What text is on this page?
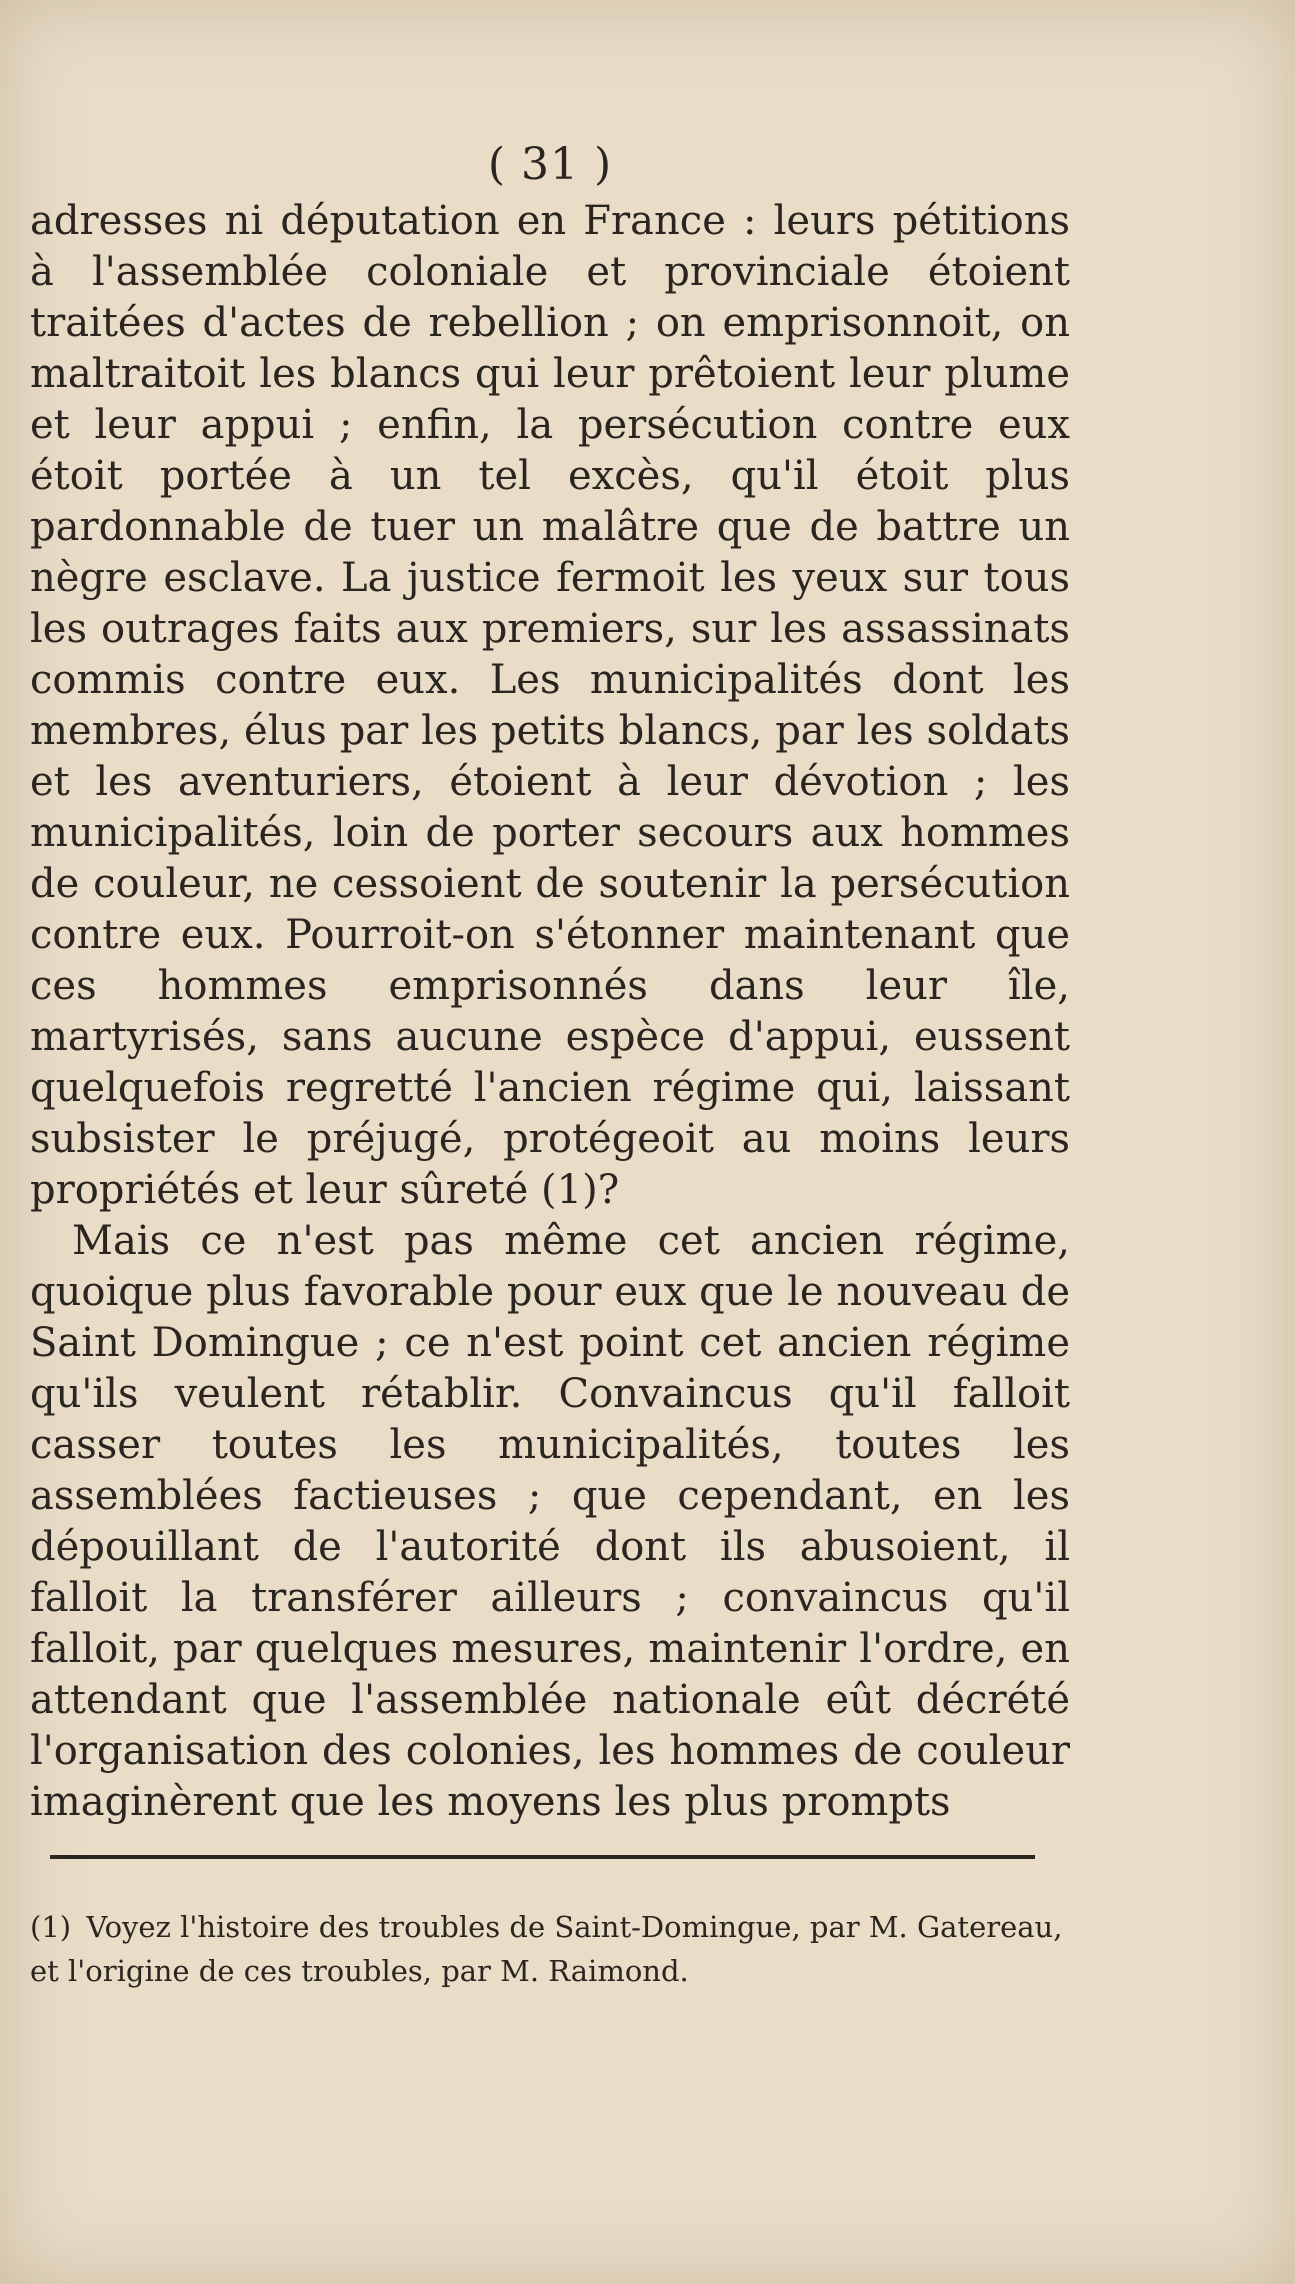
( 31 )

adresses ni députation en France : leurs pétitions à l'assemblée coloniale et provinciale étoient traitées d'actes de rebellion ; on emprisonnoit, on maltraitoit les blancs qui leur prêtoient leur plume et leur appui ; enfin, la persécution contre eux étoit portée à un tel excès, qu'il étoit plus pardonnable de tuer un malâtre que de battre un nègre esclave. La justice fermoit les yeux sur tous les outrages faits aux premiers, sur les assassinats commis contre eux. Les municipalités dont les membres, élus par les petits blancs, par les soldats et les aventuriers, étoient à leur dévotion ; les municipalités, loin de porter secours aux hommes de couleur, ne cessoient de soutenir la persécution contre eux. Pourroit-on s'étonner maintenant que ces hommes emprisonnés dans leur île, martyrisés, sans aucune espèce d'appui, eussent quelquefois regretté l'ancien régime qui, laissant subsister le préjugé, protégeoit au moins leurs propriétés et leur sûreté (1)?

Mais ce n'est pas même cet ancien régime, quoique plus favorable pour eux que le nouveau de Saint Domingue ; ce n'est point cet ancien régime qu'ils veulent rétablir. Convaincus qu'il falloit casser toutes les municipalités, toutes les assemblées factieuses ; que cependant, en les dépouillant de l'autorité dont ils abusoient, il falloit la transférer ailleurs ; convaincus qu'il falloit, par quelques mesures, maintenir l'ordre, en attendant que l'assemblée nationale eût décrété l'organisation des colonies, les hommes de couleur imaginèrent que les moyens les plus prompts

(1) Voyez l'histoire des troubles de Saint-Domingue, par M. Gatereau, et l'origine de ces troubles, par M. Raimond.
